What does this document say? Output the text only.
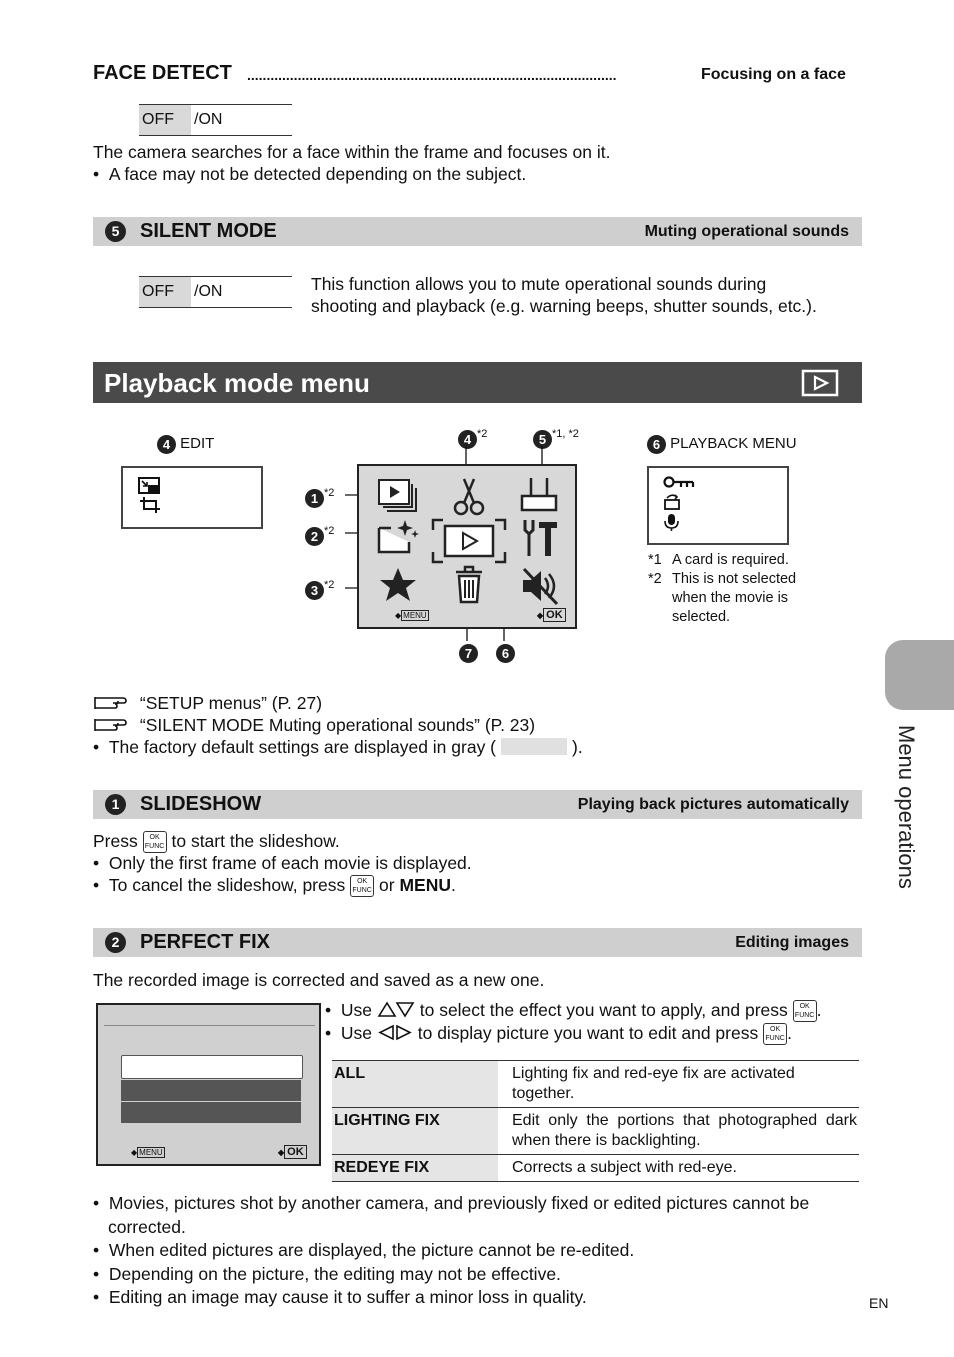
FACE DETECT ...............................................................................................	Focusing on a face
OFF	/ON
The camera searches for a face within the frame and focuses on it.
•  A face may not be detected depending on the subject.
5	SILENT MODE	Muting operational sounds
OFF	/ON	This function allows you to mute operational sounds during
shooting and playback (e.g. warning beeps, shutter sounds, etc.).
Playback mode menu
4 EDIT	4 $^{*2}$	5 $^{*1, *2}$
1 $^{*2}$
2 $^{*2}$
3 $^{*2}$
7	6
◆ MENU	◆ OK
6 PLAYBACK MENU
*1 A card is required.
*2 This is not selected
when the movie is
selected.
“SETUP menus” (P. 27)
“SILENT MODE Muting operational sounds” (P. 23)
•  The factory default settings are displayed in gray (	).
1	SLIDESHOW	Playing back pictures automatically
Press OK
FUNC to start the slideshow.
•  Only the first frame of each movie is displayed.
•  To cancel the slideshow, press OK
FUNC or MENU.
2	PERFECT FIX	Editing images
The recorded image is corrected and saved as a new one.
◆ MENU	◆ OK
•  Use	to select the effect you want to apply, and press OK
FUNC .
•  Use	to display picture you want to edit and press OK
FUNC .
ALL	Lighting fix and red-eye fix are activated together.
LIGHTING FIX	Edit only the portions that photographed dark when there is backlighting.
REDEYE FIX	Corrects a subject with red-eye.
•  Movies, pictures shot by another camera, and previously fixed or edited pictures cannot be
corrected.
•  When edited pictures are displayed, the picture cannot be re-edited.
•  Depending on the picture, the editing may not be effective.
•  Editing an image may cause it to suffer a minor loss in quality.
Menu operations
EN
